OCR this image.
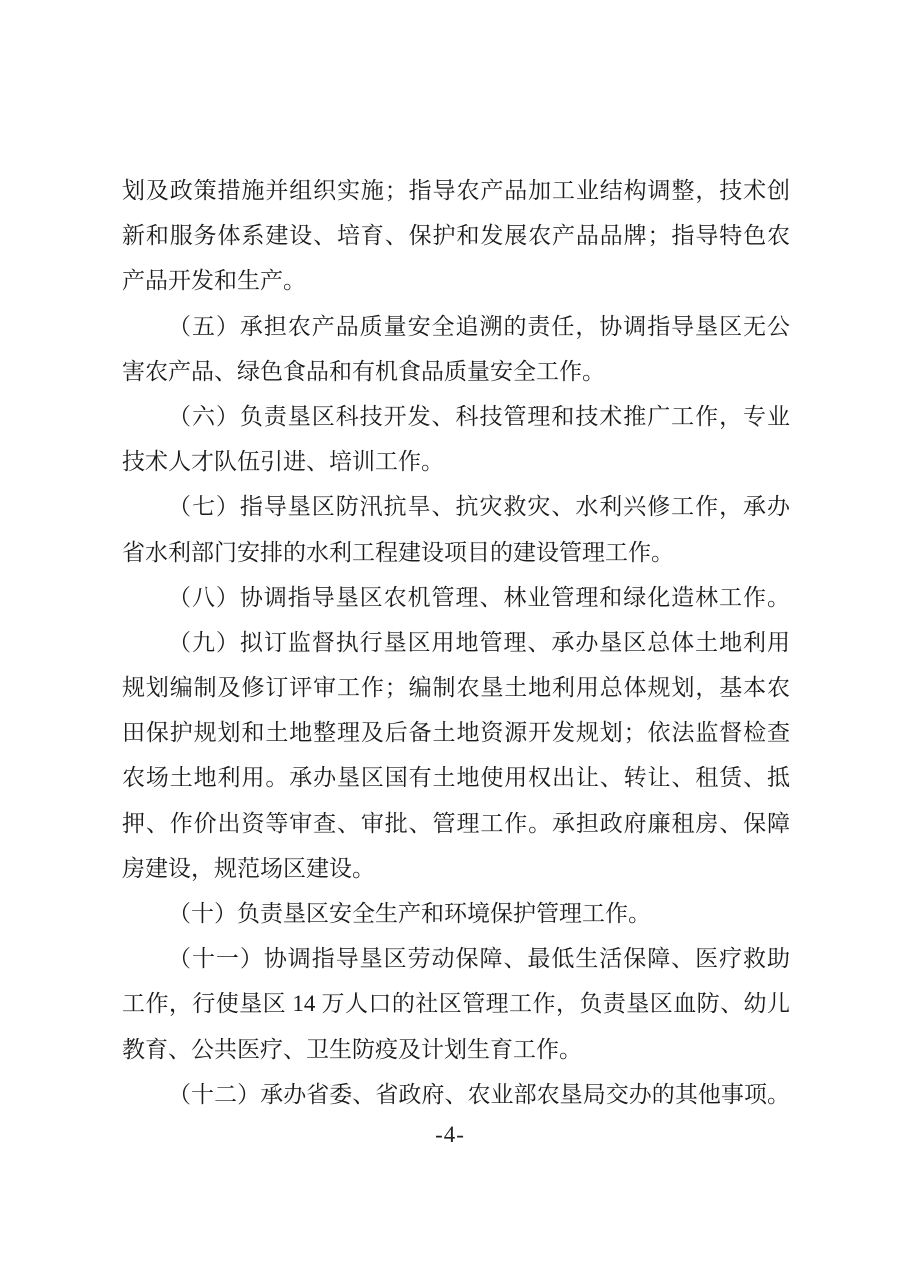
划及政策措施并组织实施；指导农产品加工业结构调整，技术创
新和服务体系建设、培育、保护和发展农产品品牌；指导特色农
产品开发和生产。
（五）承担农产品质量安全追溯的责任，协调指导垦区无公
害农产品、绿色食品和有机食品质量安全工作。
（六）负责垦区科技开发、科技管理和技术推广工作，专业
技术人才队伍引进、培训工作。
（七）指导垦区防汛抗旱、抗灾救灾、水利兴修工作，承办
省水利部门安排的水利工程建设项目的建设管理工作。
（八）协调指导垦区农机管理、林业管理和绿化造林工作。
（九）拟订监督执行垦区用地管理、承办垦区总体土地利用
规划编制及修订评审工作；编制农垦土地利用总体规划，基本农
田保护规划和土地整理及后备土地资源开发规划；依法监督检查
农场土地利用。承办垦区国有土地使用权出让、转让、租赁、抵
押、作价出资等审查、审批、管理工作。承担政府廉租房、保障
房建设，规范场区建设。
（十）负责垦区安全生产和环境保护管理工作。
（十一）协调指导垦区劳动保障、最低生活保障、医疗救助
工作，行使垦区 14 万人口的社区管理工作，负责垦区血防、幼儿
教育、公共医疗、卫生防疫及计划生育工作。
（十二）承办省委、省政府、农业部农垦局交办的其他事项。
-4-
